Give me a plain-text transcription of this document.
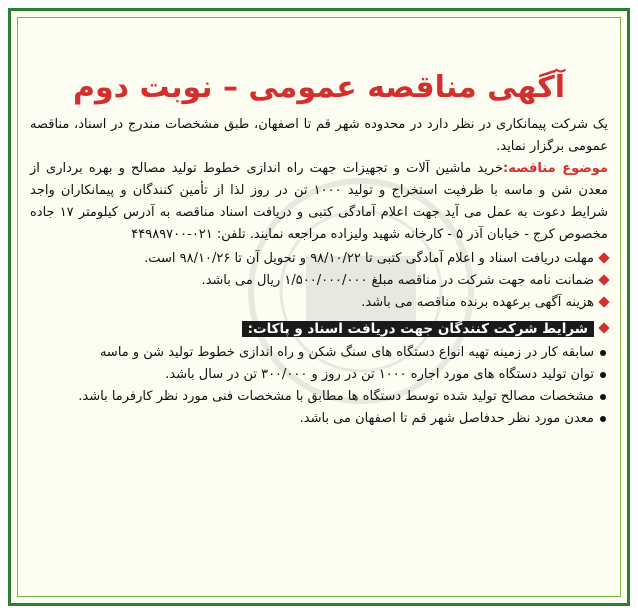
آگهی مناقصه عمومی – نوبت دوم

یک شرکت پیمانکاری در نظر دارد در محدوده شهر قم تا اصفهان، طبق مشخصات مندرج در اسناد، مناقصه عمومی برگزار نماید.

موضوع مناقصه:خرید ماشین آلات و تجهیزات جهت راه اندازی خطوط تولید مصالح و بهره برداری از معدن شن و ماسه با ظرفیت استخراج و تولید ۱۰۰۰ تن در روز لذا از تأمین کنندگان و پیمانکاران واجد شرایط دعوت به عمل می آید جهت اعلام آمادگی کتبی و دریافت اسناد مناقصه به آدرس کیلومتر ۱۷ جاده مخصوص کرج - خیابان آذر ۵ - کارخانه شهید ولیزاده مراجعه نمایند. تلفن: ۰۲۱-۴۴۹۸۹۷۰۰

مهلت دریافت اسناد و اعلام آمادگی کتبی تا ۹۸/۱۰/۲۲ و تحویل آن تا ۹۸/۱۰/۲۶ است.
ضمانت نامه جهت شرکت در مناقصه مبلغ ۱/۵۰۰/۰۰۰/۰۰۰ ریال می باشد.
هزینه آگهی برعهده برنده مناقصه می باشد.
شرایط شرکت کنندگان جهت دریافت اسناد و پاکات:
سابقه کار در زمینه تهیه انواع دستگاه های سنگ شکن و راه اندازی خطوط تولید شن و ماسه
توان تولید دستگاه های مورد اجاره ۱۰۰۰ تن در روز و ۳۰۰/۰۰۰ تن در سال باشد.
مشخصات مصالح تولید شده توسط دستگاه ها مطابق با مشخصات فنی مورد نظر کارفرما باشد.
معدن مورد نظر حدفاصل شهر قم تا اصفهان می باشد.
